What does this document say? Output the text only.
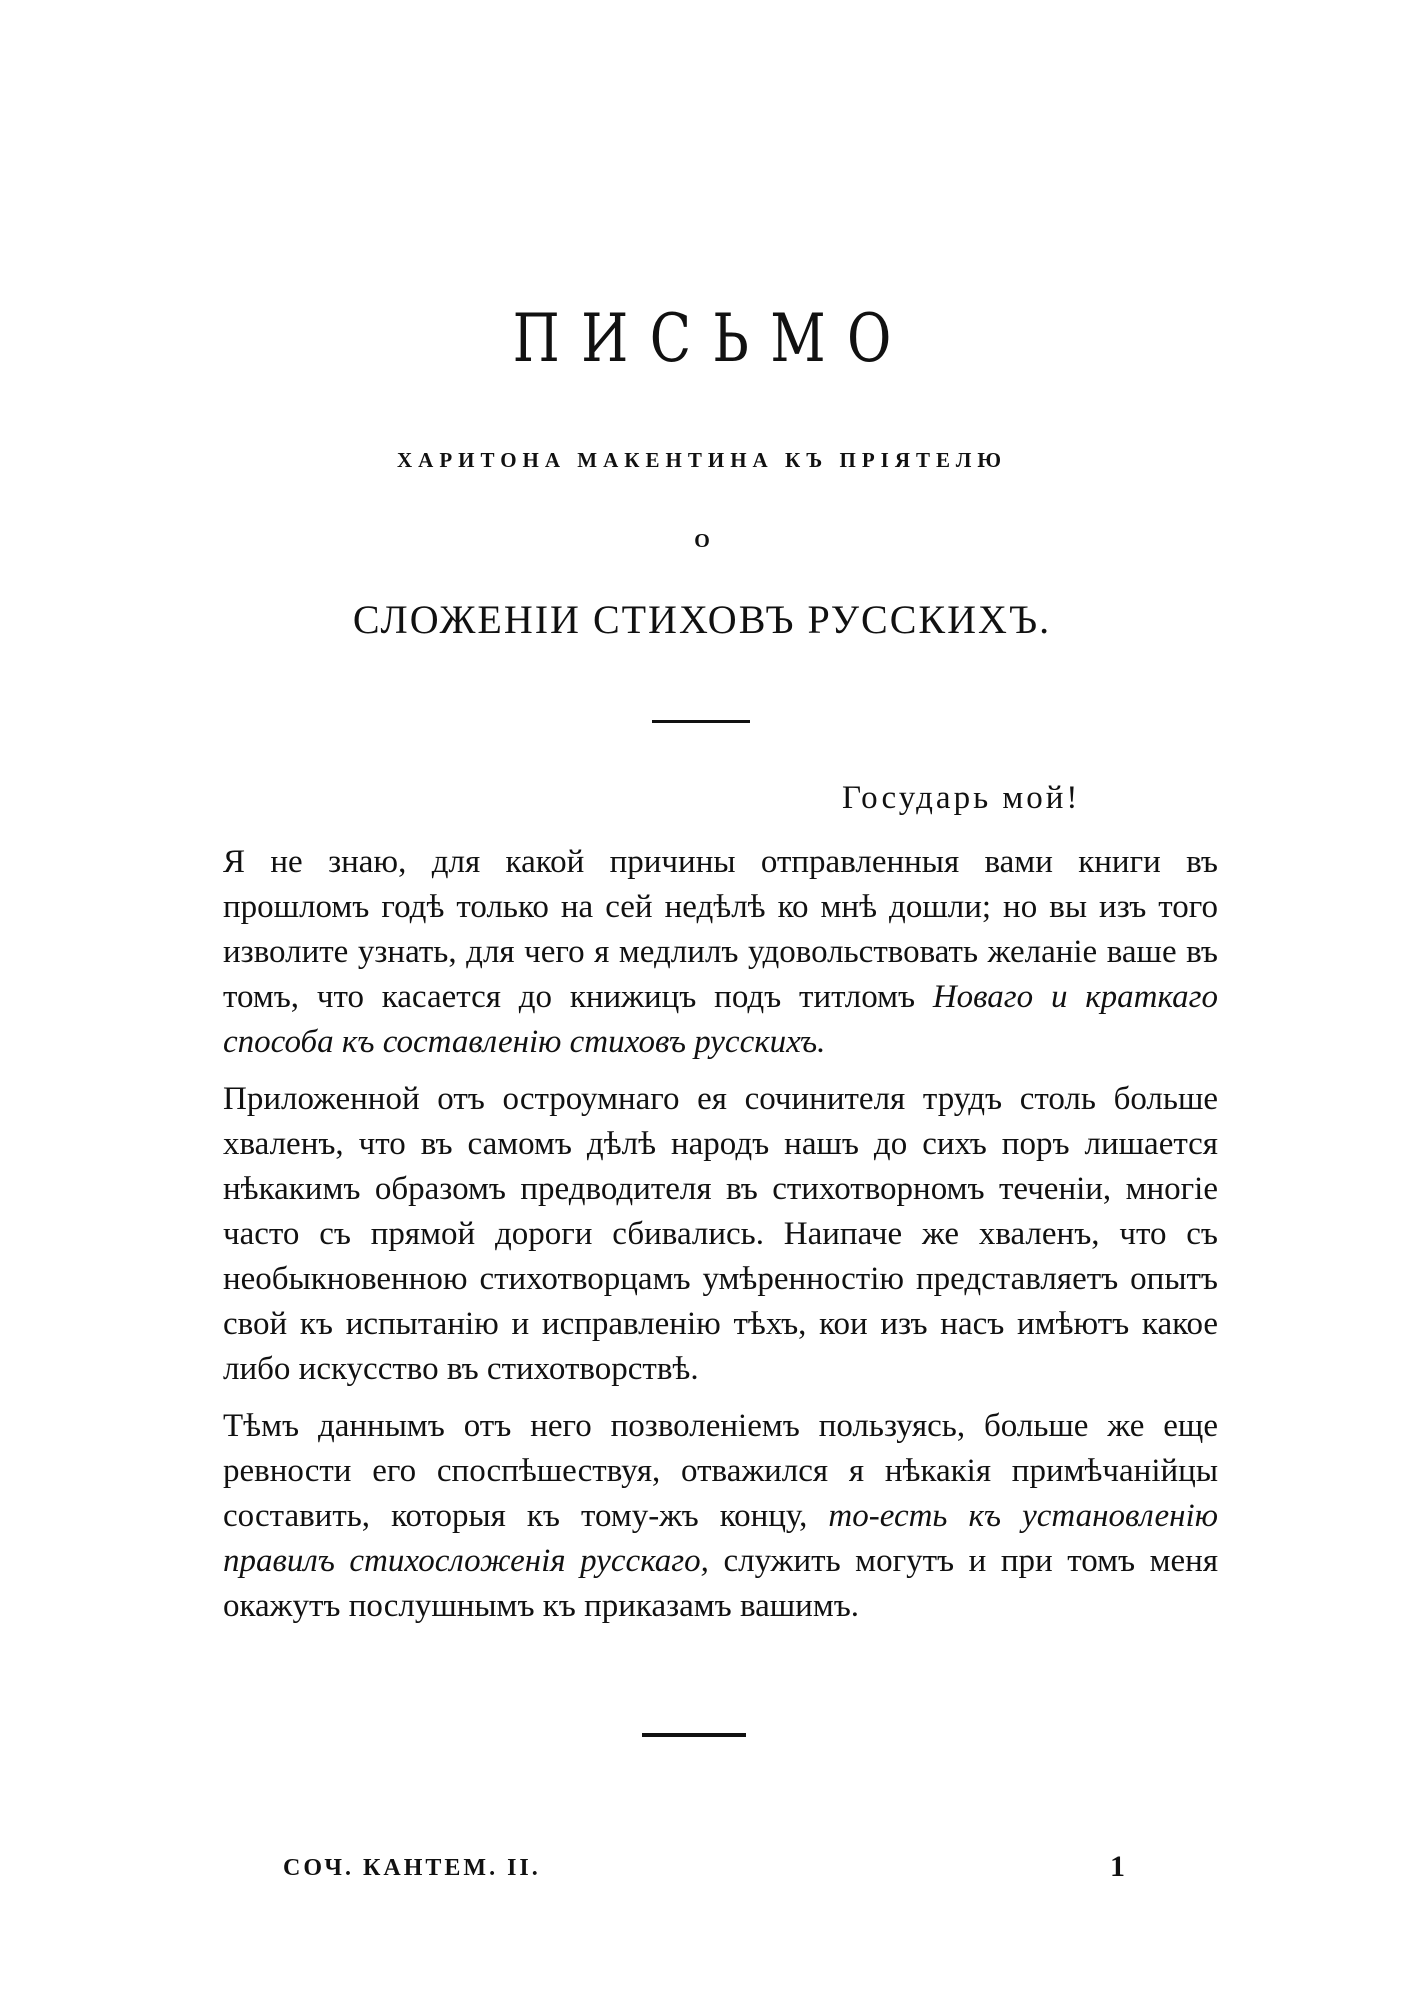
ПИСЬМО
ХАРИТОНА МАКЕНТИНА КЪ ПРІЯТЕЛЮ
О
СЛОЖЕНІИ СТИХОВЪ РУССКИХЪ.
Государь мой!

Я не знаю, для какой причины отправленныя вами книги въ прошломъ годѣ только на сей недѣлѣ ко мнѣ дошли; но вы изъ того изволите узнать, для чего я медлилъ удовольствовать желаніе ваше въ томъ, что касается до книжицъ подъ титломъ Новаго и краткаго способа къ составленію стиховъ русскихъ.

Приложенной отъ остроумнаго ея сочинителя трудъ столь больше хваленъ, что въ самомъ дѣлѣ народъ нашъ до сихъ поръ лишается нѣкакимъ образомъ предводителя въ стихотворномъ теченіи, многіе часто съ прямой дороги сбивались. Наипаче же хваленъ, что съ необыкновенною стихотворцамъ умѣренностію представляетъ опытъ свой къ испытанію и исправленію тѣхъ, кои изъ насъ имѣютъ какое либо искусство въ стихотворствѣ.

Тѣмъ даннымъ отъ него позволеніемъ пользуясь, больше же еще ревности его споспѣшествуя, отважился я нѣкакія примѣчанійцы составить, которыя къ тому-жъ концу, то-есть къ установленію правилъ стихосложенія русскаго, служить могутъ и при томъ меня окажутъ послушнымъ къ приказамъ вашимъ.

СОЧ. КАНТЕМ. II.	1
